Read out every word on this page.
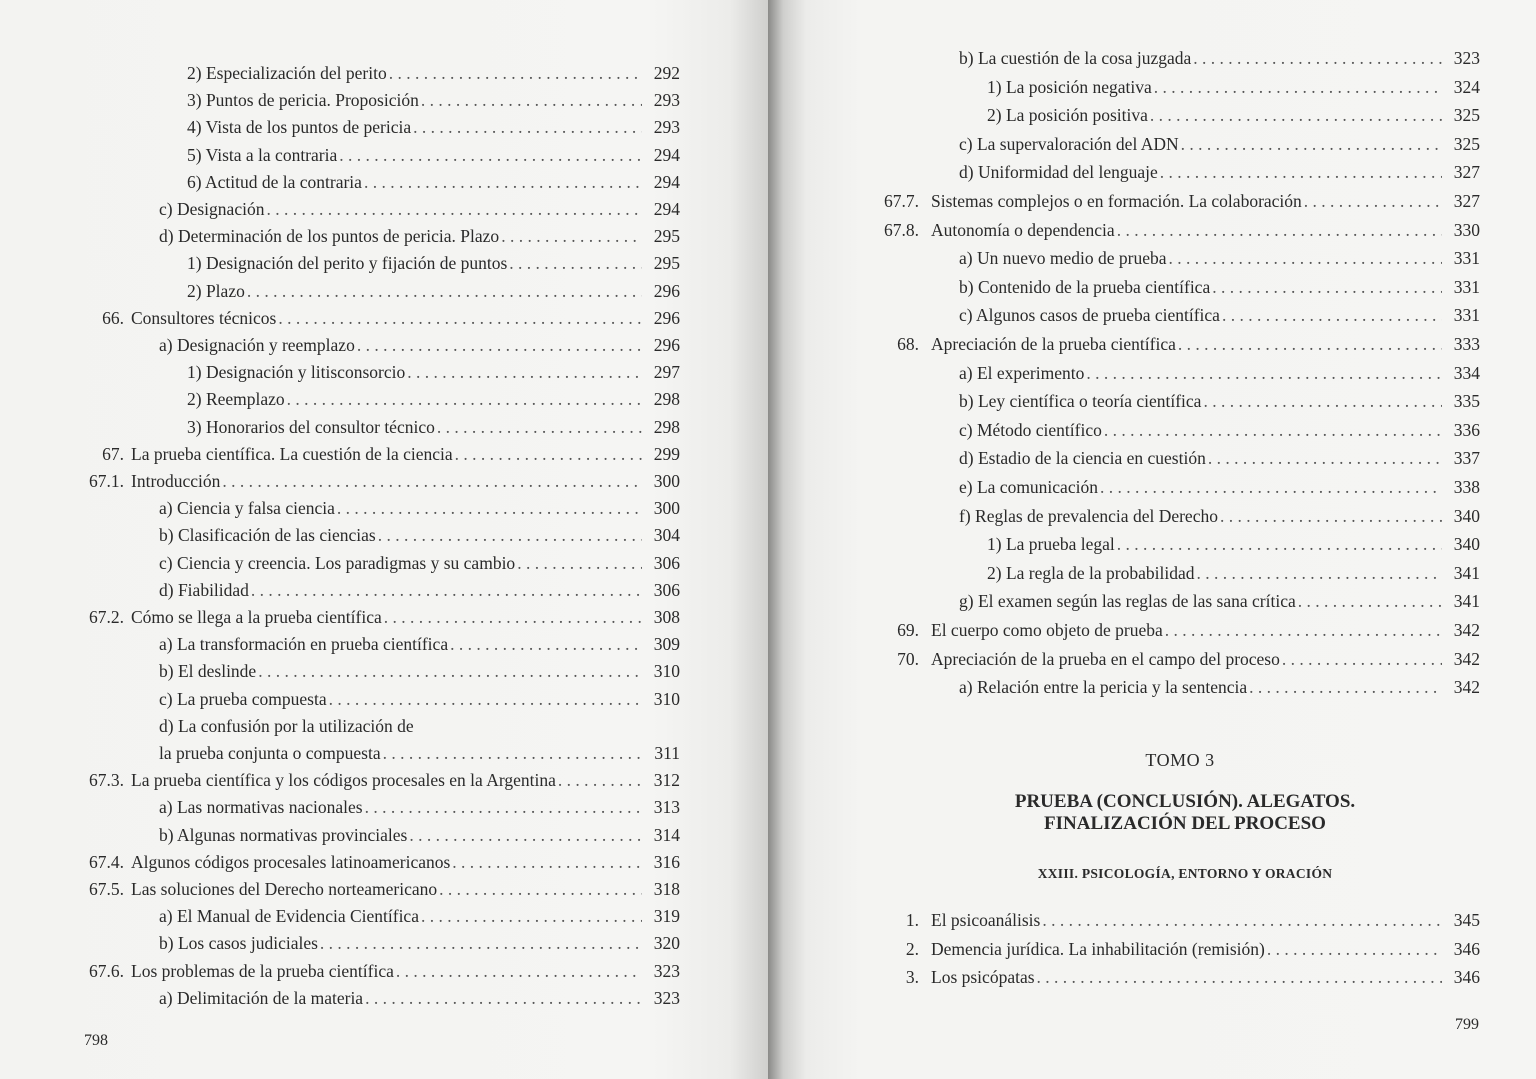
2) Especialización del perito . . .	292
3) Puntos de pericia. Proposición . . .	293
4) Vista de los puntos de pericia . . .	293
5) Vista a la contraria . . .	294
6) Actitud de la contraria . . .	294
c) Designación . . .	294
d) Determinación de los puntos de pericia. Plazo . . .	295
1) Designación del perito y fijación de puntos . . .	295
2) Plazo . . .	296
66. Consultores técnicos . . .	296
a) Designación y reemplazo . . .	296
1) Designación y litisconsorcio . . .	297
2) Reemplazo . . .	298
3) Honorarios del consultor técnico . . .	298
67. La prueba científica. La cuestión de la ciencia . . .	299
67.1. Introducción . . .	300
a) Ciencia y falsa ciencia . . .	300
b) Clasificación de las ciencias . . .	304
c) Ciencia y creencia. Los paradigmas y su cambio . . .	306
d) Fiabilidad . . .	306
67.2. Cómo se llega a la prueba científica . . .	308
a) La transformación en prueba científica . . .	309
b) El deslinde . . .	310
c) La prueba compuesta . . .	310
d) La confusión por la utilización de
la prueba conjunta o compuesta . . .	311
67.3. La prueba científica y los códigos procesales en la Argentina . . .	312
a) Las normativas nacionales . . .	313
b) Algunas normativas provinciales . . .	314
67.4. Algunos códigos procesales latinoamericanos . . .	316
67.5. Las soluciones del Derecho norteamericano . . .	318
a) El Manual de Evidencia Científica . . .	319
b) Los casos judiciales . . .	320
67.6. Los problemas de la prueba científica . . .	323
a) Delimitación de la materia . . .	323
798
b) La cuestión de la cosa juzgada . . .	323
1) La posición negativa . . .	324
2) La posición positiva . . .	325
c) La supervaloración del ADN . . .	325
d) Uniformidad del lenguaje . . .	327
67.7. Sistemas complejos o en formación. La colaboración . . .	327
67.8. Autonomía o dependencia . . .	330
a) Un nuevo medio de prueba . . .	331
b) Contenido de la prueba científica . . .	331
c) Algunos casos de prueba científica . . .	331
68. Apreciación de la prueba científica . . .	333
a) El experimento . . .	334
b) Ley científica o teoría científica . . .	335
c) Método científico . . .	336
d) Estadio de la ciencia en cuestión . . .	337
e) La comunicación . . .	338
f) Reglas de prevalencia del Derecho . . .	340
1) La prueba legal . . .	340
2) La regla de la probabilidad . . .	341
g) El examen según las reglas de las sana crítica . . .	341
69. El cuerpo como objeto de prueba . . .	342
70. Apreciación de la prueba en el campo del proceso . . .	342
a) Relación entre la pericia y la sentencia . . .	342
1. El psicoanálisis . . .	345
2. Demencia jurídica. La inhabilitación (remisión) . . .	346
3. Los psicópatas . . .	346
799
TOMO 3
PRUEBA (CONCLUSIÓN). ALEGATOS.
FINALIZACIÓN DEL PROCESO
XXIII. PSICOLOGÍA, ENTORNO Y ORACIÓN
